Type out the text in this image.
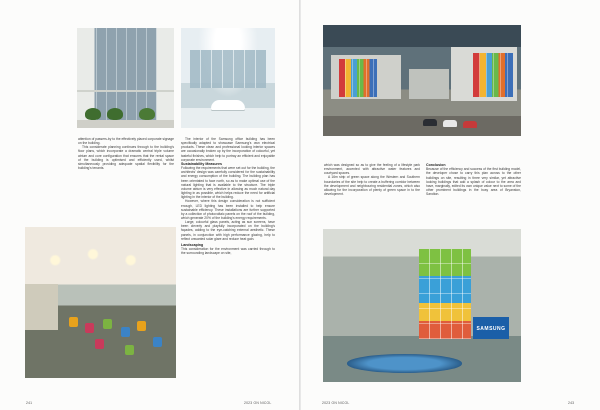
attention of passers-by to the effectively placed corporate signage on the building.

This considerate planning continues through to the building's floor plans, which incorporate a dramatic central triple volume atrium and core configuration that ensures that the rental space of the building is optimised and efficiently used, whilst simultaneously providing adequate spatial flexibility for the building's tenants.

The interior of the Samsung office building has been specifically adapted to showcase Samsung's own electrical products. These clean and professional looking interior spaces are occasionally broken up by the incorporation of colourful, yet tasteful finishes, which help to portray an efficient and enjoyable corporate environment.

Sustainability Measures

Following the requirements that were set out for the building, the architects' design was carefully considered for the sustainability and energy consumption of the building. The building plan has been orientated to face north, so as to make optimal use of the natural lighting that is available to the structure. The triple volume atrium is very effective in allowing as much natural day lighting in as possible, which helps reduce the need for artificial lighting in the interior of the building.

However, where this design consideration is not sufficient enough, LED lighting has been installed to help ensure sustainable efficiency. These installations are further supported by a collection of photovoltaic panels on the roof of the building, which generate 20% of the building's energy requirements.

Large, colourful glass panels, acting as sun screens, have been cleverly and playfully incorporated on the building's façades, adding to the eye-catching external aesthetic. These panels, in conjunction with high performance glazing, help to reflect unwanted solar glare and reduce heat gain.

Landscaping

This consideration for the environment was carried through to the surrounding landscape on site,

241	2023 ON NICOL

which was designed so as to give the feeling of a lifestyle park environment, accented with attractive water features and courtyard spaces.

A 16m strip of green space along the Western and Southern boundaries of the site help to create a buffering corridor between the development and neighbouring residential zones, which also allowing for the incorporation of plenty of green space in to the development.

Conclusion

Because of the efficiency and success of the first building model, the developer chose to carry this plan across to the other buildings on site, resulting in three very similar, yet attractive looking buildings that add a splash of colour to the area and have, marginally, edited its own unique value next to some of the other prominent buildings in the busy area of Bryanston, Sandton.

SAMSUNG
2023 ON NICOL	243
